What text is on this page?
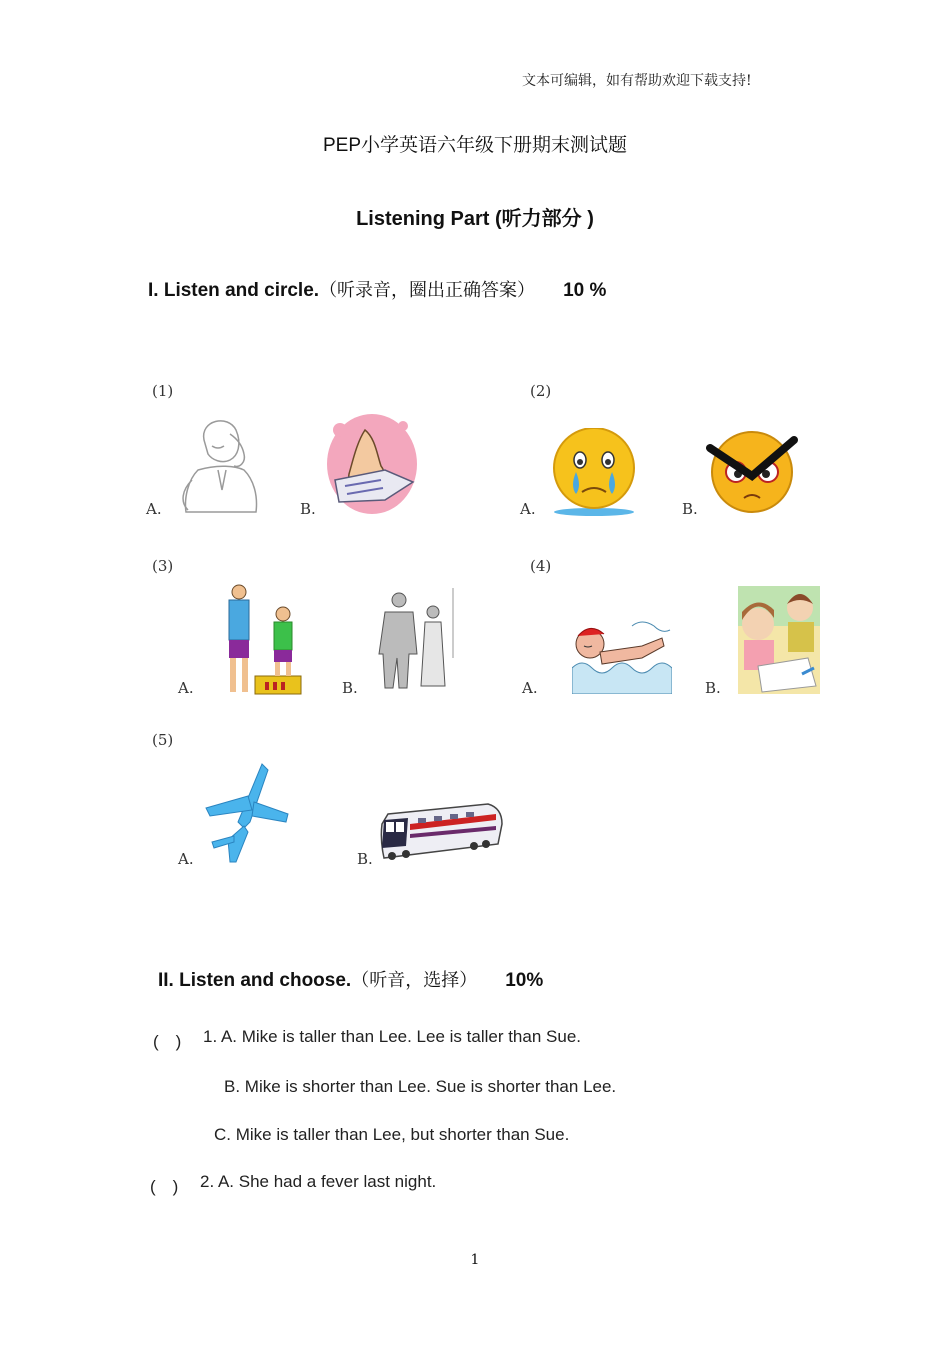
文本可编辑，如有帮助欢迎下载支持!
PEP小学英语六年级下册期末测试题
Listening Part (听力部分 )
I. Listen and circle.（听录音，圈出正确答案） 10 %
(1)
A.	B.
(2)
A.	B.
(3)
A.	B.
(4)
A.	B.
(5)
A.	B.
II. Listen and choose.（听音，选择） 10%
(　) 1. A. Mike is taller than Lee. Lee is taller than Sue.
B. Mike is shorter than Lee. Sue is shorter than Lee.
C. Mike is taller than Lee, but shorter than Sue.
(　) 2. A. She had a fever last night.
1
